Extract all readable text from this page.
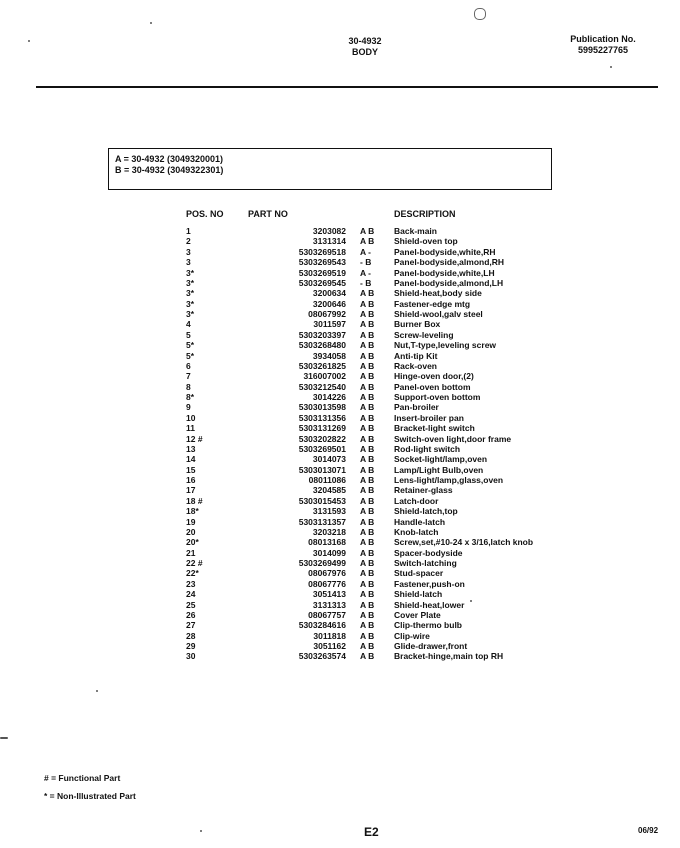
30-4932
BODY
Publication No.
5995227765
A = 30-4932 (3049320001)
B = 30-4932 (3049322301)
POS. NO	PART NO		DESCRIPTION
1	3203082	A B	Back-main
2	3131314	A B	Shield-oven top
3	5303269518	A -	Panel-bodyside,white,RH
3	5303269543	- B	Panel-bodyside,almond,RH
3*	5303269519	A -	Panel-bodyside,white,LH
3*	5303269545	- B	Panel-bodyside,almond,LH
3*	3200634	A B	Shield-heat,body side
3*	3200646	A B	Fastener-edge mtg
3*	08067992	A B	Shield-wool,galv steel
4	3011597	A B	Burner Box
5	5303203397	A B	Screw-leveling
5*	5303268480	A B	Nut,T-type,leveling screw
5*	3934058	A B	Anti-tip Kit
6	5303261825	A B	Rack-oven
7	316007002	A B	Hinge-oven door,(2)
8	5303212540	A B	Panel-oven bottom
8*	3014226	A B	Support-oven bottom
9	5303013598	A B	Pan-broiler
10	5303131356	A B	Insert-broiler pan
11	5303131269	A B	Bracket-light switch
12 #	5303202822	A B	Switch-oven light,door frame
13	5303269501	A B	Rod-light switch
14	3014073	A B	Socket-light/lamp,oven
15	5303013071	A B	Lamp/Light Bulb,oven
16	08011086	A B	Lens-light/lamp,glass,oven
17	3204585	A B	Retainer-glass
18 #	5303015453	A B	Latch-door
18*	3131593	A B	Shield-latch,top
19	5303131357	A B	Handle-latch
20	3203218	A B	Knob-latch
20*	08013168	A B	Screw,set,#10-24 x 3/16,latch knob
21	3014099	A B	Spacer-bodyside
22 #	5303269499	A B	Switch-latching
22*	08067976	A B	Stud-spacer
23	08067776	A B	Fastener,push-on
24	3051413	A B	Shield-latch
25	3131313	A B	Shield-heat,lower
26	08067757	A B	Cover Plate
27	5303284616	A B	Clip-thermo bulb
28	3011818	A B	Clip-wire
29	3051162	A B	Glide-drawer,front
30	5303263574	A B	Bracket-hinge,main top RH
# = Functional Part
* = Non-Illustrated Part
E2	06/92
